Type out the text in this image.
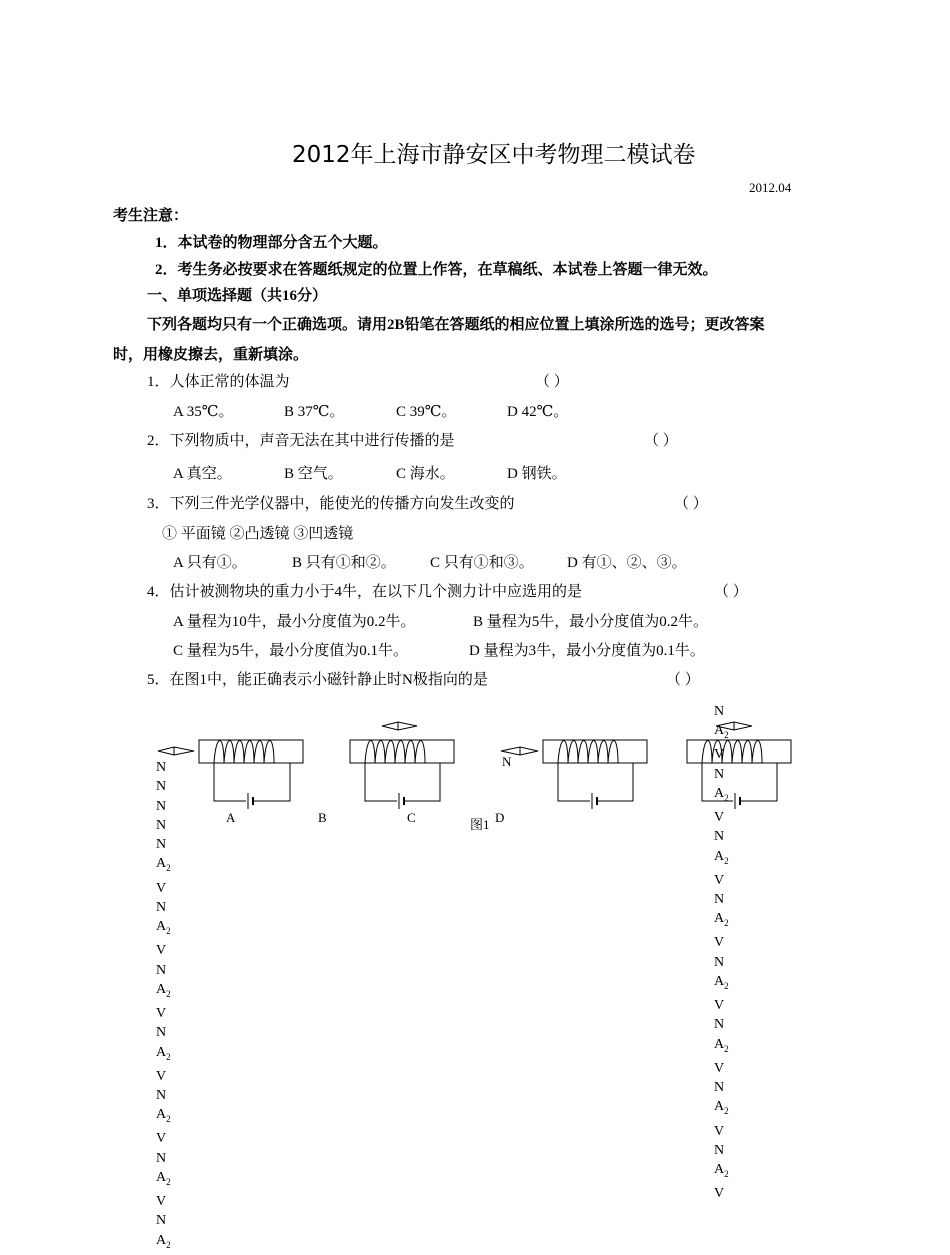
2012年上海市静安区中考物理二模试卷
2012.04
考生注意：
1．本试卷的物理部分含五个大题。
2．考生务必按要求在答题纸规定的位置上作答，在草稿纸、本试卷上答题一律无效。
一、单项选择题（共16分）
下列各题均只有一个正确选项。请用2B铅笔在答题纸的相应位置上填涂所选的选号；更改答案
时，用橡皮擦去，重新填涂。
1．人体正常的体温为	（ ）
A 35℃。	B 37℃。	C 39℃。	D 42℃。
2．下列物质中，声音无法在其中进行传播的是	（ ）
A 真空。	B 空气。	C 海水。	D 钢铁。
3．下列三件光学仪器中，能使光的传播方向发生改变的	（ ）
① 平面镜 ②凸透镜 ③凹透镜
A 只有①。	B 只有①和②。 C 只有①和③。 D 有①、②、③。
4．估计被测物块的重力小于4牛，在以下几个测力计中应选用的是	（ ）
A 量程为10牛，最小分度值为0.2牛。	B 量程为5牛，最小分度值为0.2牛。
C 量程为5牛，最小分度值为0.1牛。	D 量程为3牛，最小分度值为0.1牛。
5．在图1中，能正确表示小磁针静止时N极指向的是	（ ）
A	B	C	图1 D
N
N
N
N
N
N
$A_2$
V
N
$A_2$
V
N
$A_2$
V
N
$A_2$
V
N
$A_2$
V
N
$A_2$
V
N
$A_2$
N
$A_2$
V
N
$A_2$
V
N
$A_2$
V
N
$A_2$
V
N
$A_2$
V
N
$A_2$
V
N
$A_2$
V
N
$A_2$
V
